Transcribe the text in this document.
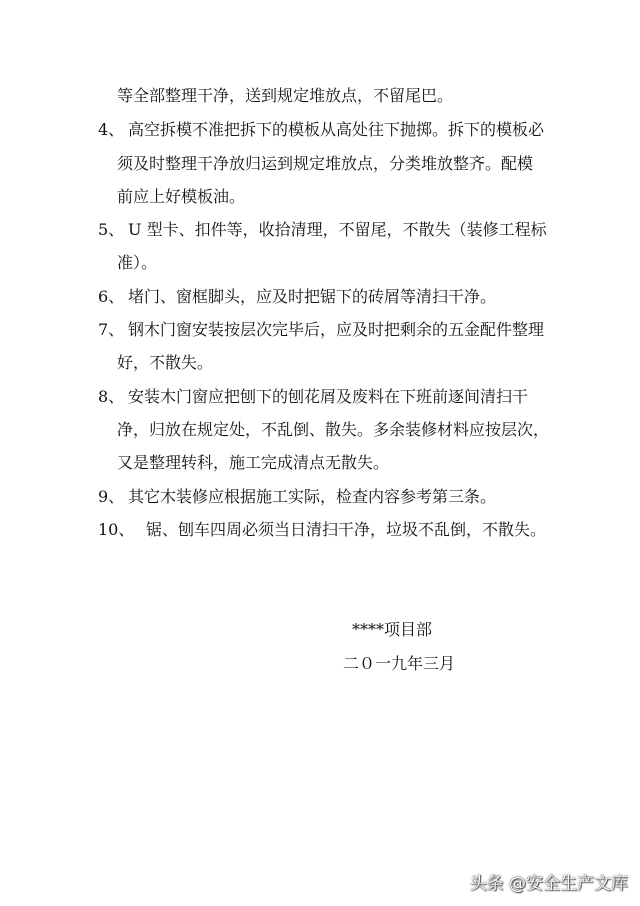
等全部整理干净，送到规定堆放点，不留尾巴。
4、 高空拆模不准把拆下的模板从高处往下抛掷。拆下的模板必
须及时整理干净放归运到规定堆放点，分类堆放整齐。配模
前应上好模板油。
5、 U 型卡、扣件等，收拾清理，不留尾，不散失（装修工程标
准）。
6、 堵门、窗框脚头，应及时把锯下的砖屑等清扫干净。
7、 钢木门窗安装按层次完毕后，应及时把剩余的五金配件整理
好，不散失。
8、 安装木门窗应把刨下的刨花屑及废料在下班前逐间清扫干
净，归放在规定处，不乱倒、散失。多余装修材料应按层次，
又是整理转科，施工完成清点无散失。
9、 其它木装修应根据施工实际，检查内容参考第三条。
10、 锯、刨车四周必须当日清扫干净，垃圾不乱倒，不散失。
****项目部
二０一九年三月
头条 @安全生产文库
